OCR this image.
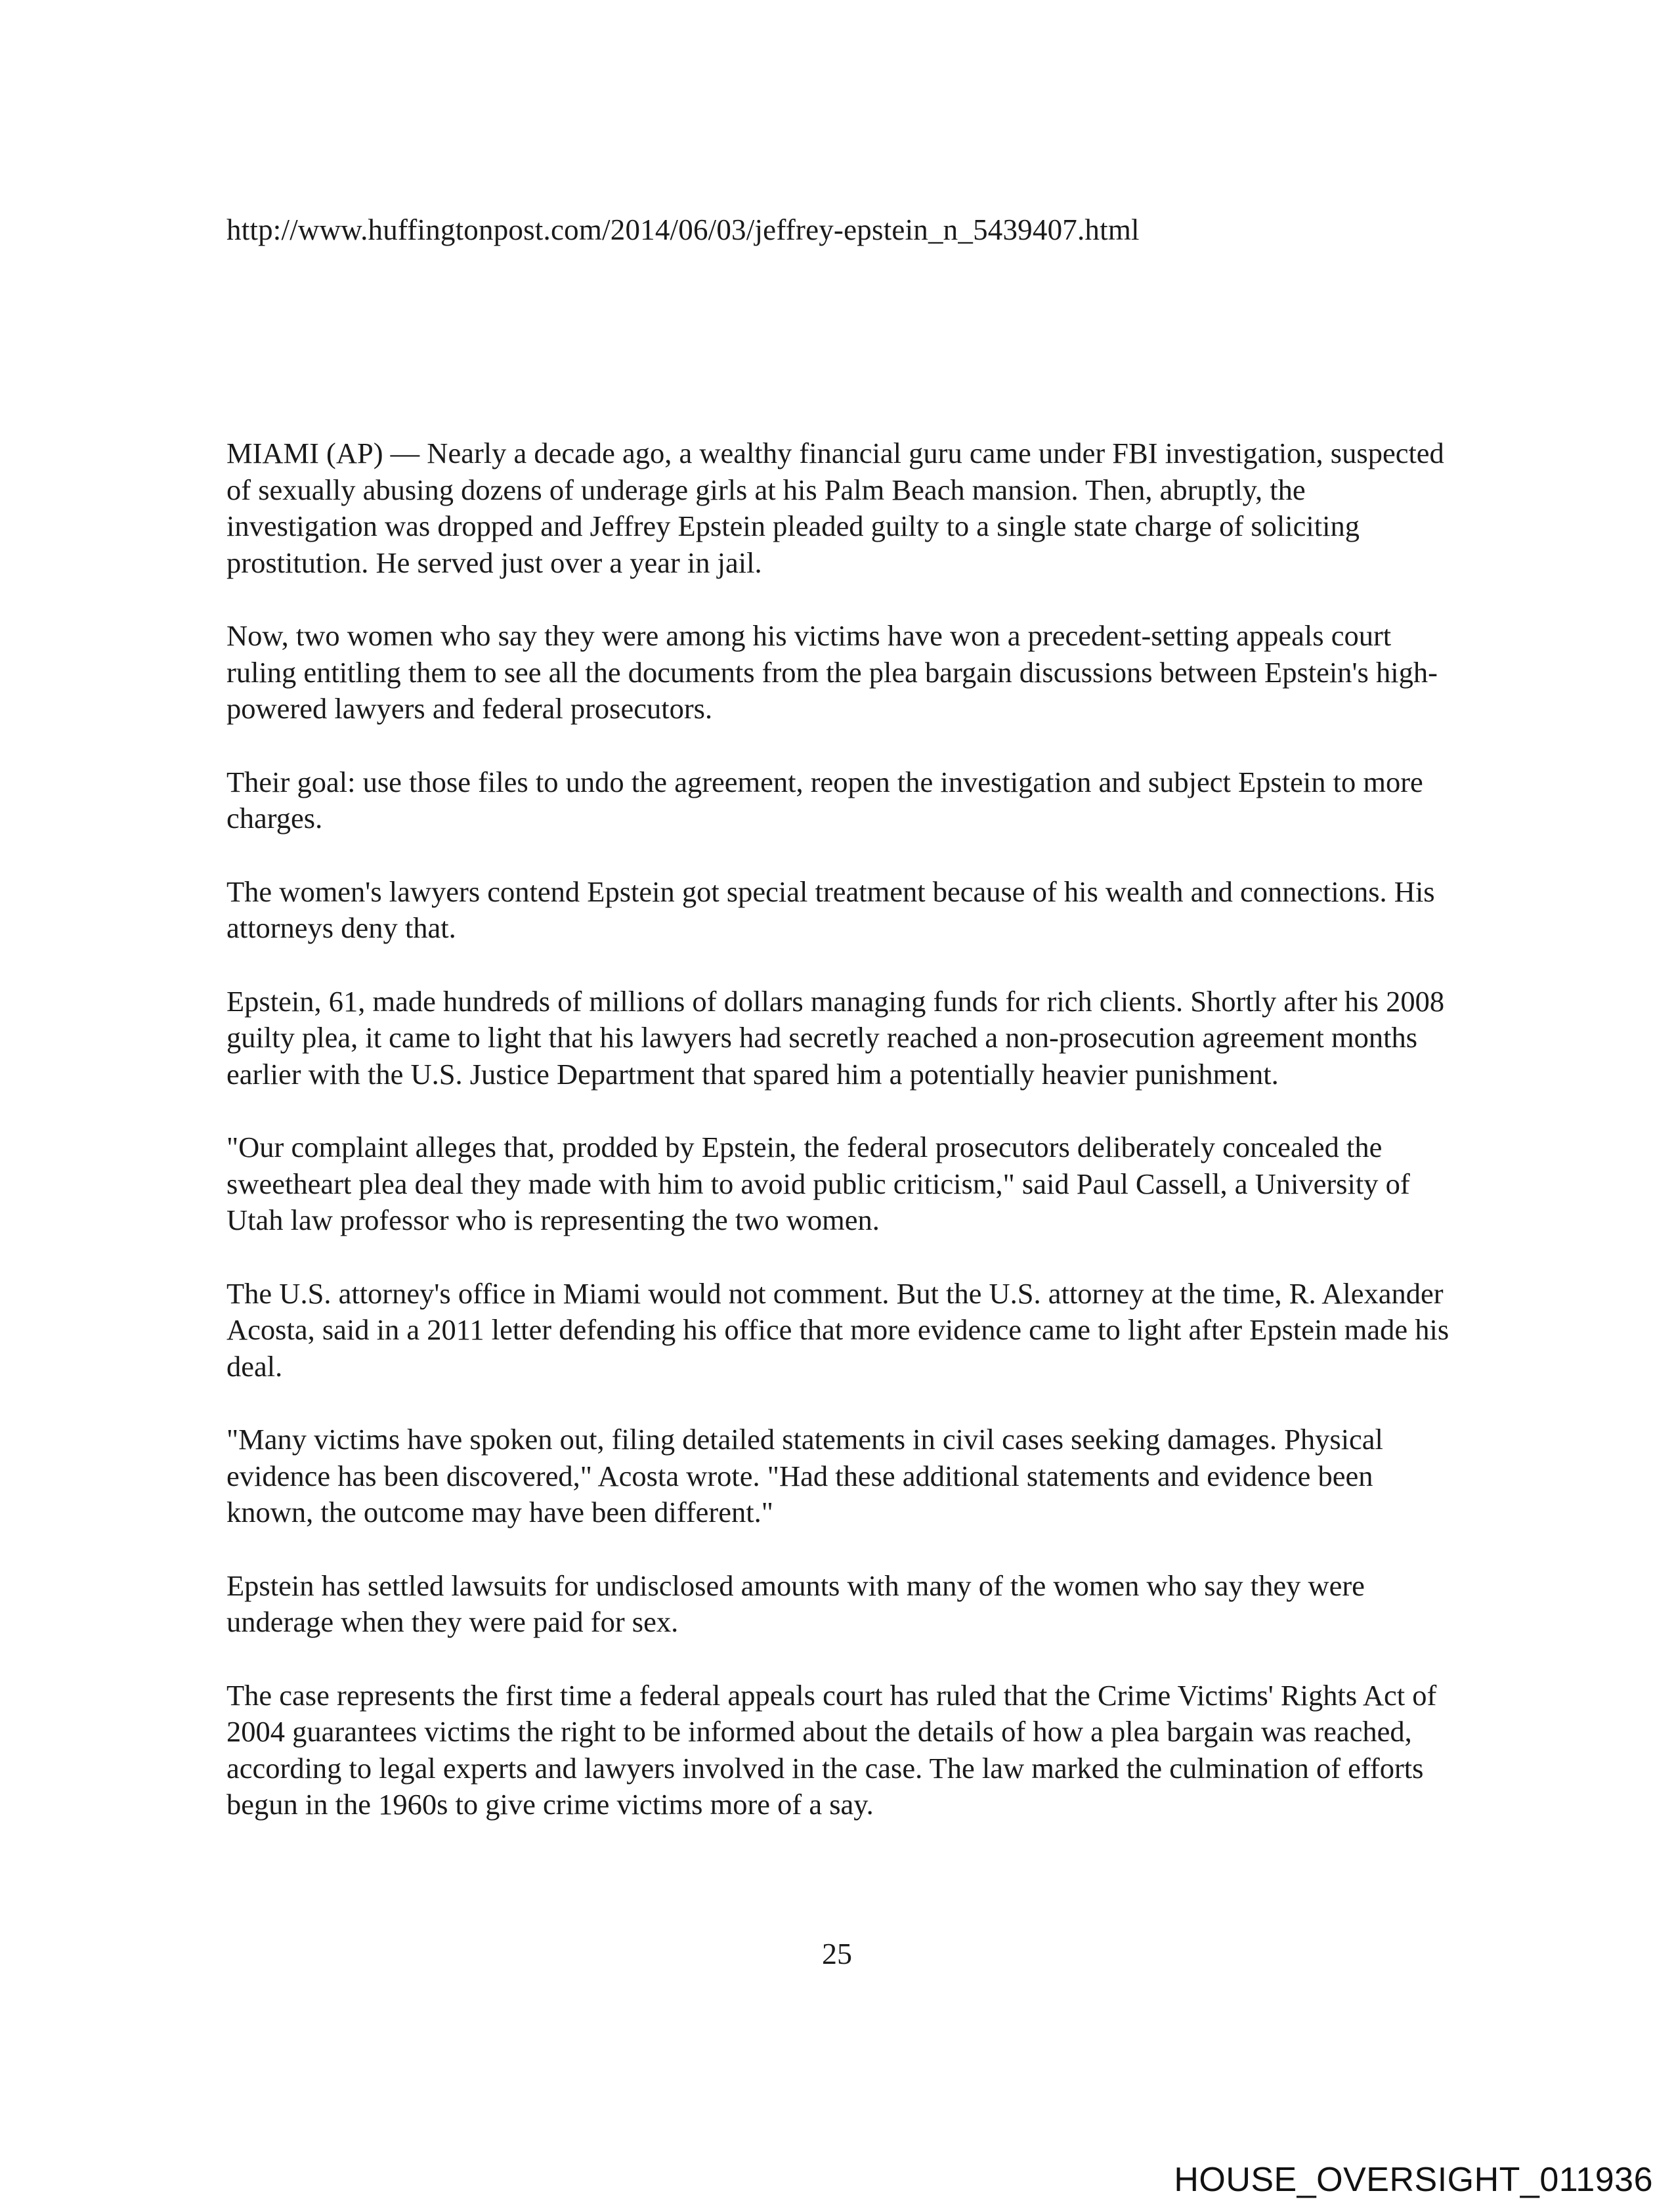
http://www.huffingtonpost.com/2014/06/03/jeffrey-epstein_n_5439407.html

MIAMI (AP) — Nearly a decade ago, a wealthy financial guru came under FBI investigation, suspected of sexually abusing dozens of underage girls at his Palm Beach mansion. Then, abruptly, the investigation was dropped and Jeffrey Epstein pleaded guilty to a single state charge of soliciting prostitution. He served just over a year in jail.

Now, two women who say they were among his victims have won a precedent-setting appeals court ruling entitling them to see all the documents from the plea bargain discussions between Epstein's high-powered lawyers and federal prosecutors.

Their goal: use those files to undo the agreement, reopen the investigation and subject Epstein to more charges.

The women's lawyers contend Epstein got special treatment because of his wealth and connections. His attorneys deny that.

Epstein, 61, made hundreds of millions of dollars managing funds for rich clients. Shortly after his 2008 guilty plea, it came to light that his lawyers had secretly reached a non-prosecution agreement months earlier with the U.S. Justice Department that spared him a potentially heavier punishment.

"Our complaint alleges that, prodded by Epstein, the federal prosecutors deliberately concealed the sweetheart plea deal they made with him to avoid public criticism," said Paul Cassell, a University of Utah law professor who is representing the two women.

The U.S. attorney's office in Miami would not comment. But the U.S. attorney at the time, R. Alexander Acosta, said in a 2011 letter defending his office that more evidence came to light after Epstein made his deal.

"Many victims have spoken out, filing detailed statements in civil cases seeking damages. Physical evidence has been discovered," Acosta wrote. "Had these additional statements and evidence been known, the outcome may have been different."

Epstein has settled lawsuits for undisclosed amounts with many of the women who say they were underage when they were paid for sex.

The case represents the first time a federal appeals court has ruled that the Crime Victims' Rights Act of 2004 guarantees victims the right to be informed about the details of how a plea bargain was reached, according to legal experts and lawyers involved in the case. The law marked the culmination of efforts begun in the 1960s to give crime victims more of a say.

25
HOUSE_OVERSIGHT_011936
